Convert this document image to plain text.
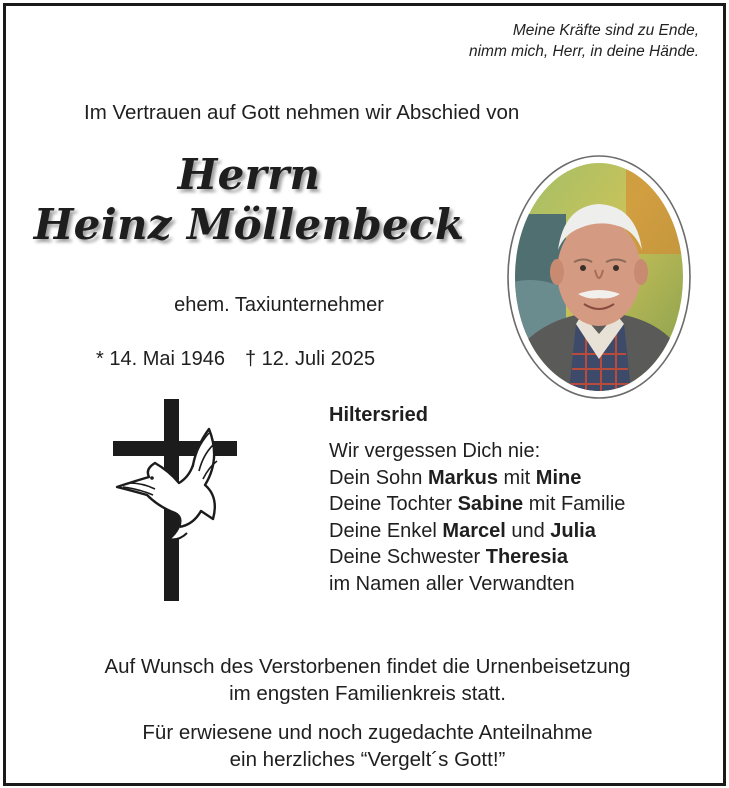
Meine Kräfte sind zu Ende,
nimm mich, Herr, in deine Hände.
Im Vertrauen auf Gott nehmen wir Abschied von
Herrn
Heinz Möllenbeck
ehem. Taxiunternehmer
* 14. Mai 1946 † 12. Juli 2025
Hiltersried
Wir vergessen Dich nie:
Dein Sohn Markus mit Mine
Deine Tochter Sabine mit Familie
Deine Enkel Marcel und Julia
Deine Schwester Theresia
im Namen aller Verwandten
Auf Wunsch des Verstorbenen findet die Urnenbeisetzung
im engsten Familienkreis statt.
Für erwiesene und noch zugedachte Anteilnahme
ein herzliches “Vergelt´s Gott!”
